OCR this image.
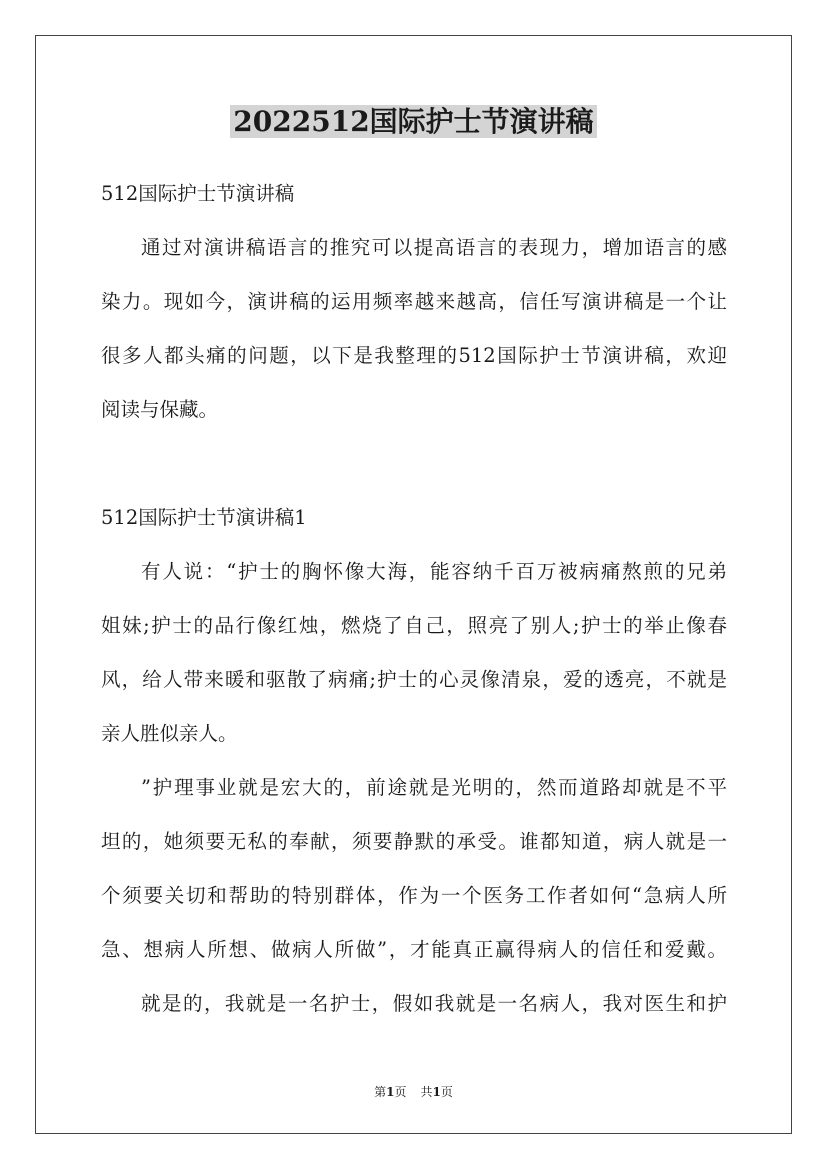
2022512国际护士节演讲稿
512国际护士节演讲稿
通过对演讲稿语言的推究可以提高语言的表现力，增加语言的感
染力。现如今，演讲稿的运用频率越来越高，信任写演讲稿是一个让
很多人都头痛的问题，以下是我整理的512国际护士节演讲稿，欢迎
阅读与保藏。
512国际护士节演讲稿1
有人说：“护士的胸怀像大海，能容纳千百万被病痛熬煎的兄弟
姐妹;护士的品行像红烛，燃烧了自己，照亮了别人;护士的举止像春
风，给人带来暖和驱散了病痛;护士的心灵像清泉，爱的透亮，不就是
亲人胜似亲人。
”护理事业就是宏大的，前途就是光明的，然而道路却就是不平
坦的，她须要无私的奉献，须要静默的承受。谁都知道，病人就是一
个须要关切和帮助的特别群体，作为一个医务工作者如何“急病人所
急、想病人所想、做病人所做”，才能真正赢得病人的信任和爱戴。
就是的，我就是一名护士，假如我就是一名病人，我对医生和护
第1页 共1页
